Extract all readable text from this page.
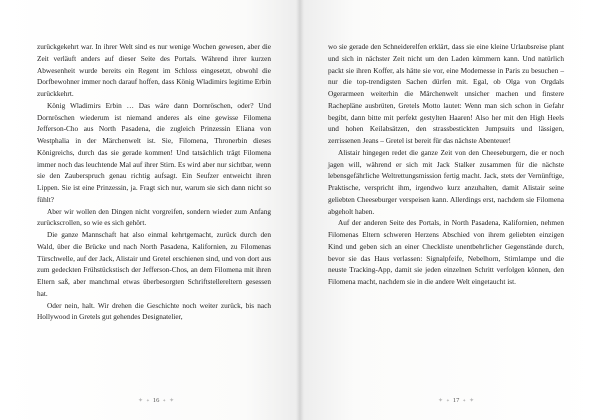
zurückgekehrt war. In ihrer Welt sind es nur wenige Wochen gewesen, aber die Zeit verläuft anders auf dieser Seite des Portals. Während ihrer kurzen Abwesenheit wurde bereits ein Regent im Schloss eingesetzt, obwohl die Dorfbewohner immer noch darauf hoffen, dass König Wladimirs legitime Erbin zurückkehrt.

König Wladimirs Erbin … Das wäre dann Dornröschen, oder? Und Dornröschen wiederum ist niemand anderes als eine gewisse Filomena Jefferson-Cho aus North Pasadena, die zugleich Prinzessin Eliana von Westphalia in der Märchenwelt ist. Sie, Filomena, Thronerbin dieses Königreichs, durch das sie gerade kommen! Und tatsächlich trägt Filomena immer noch das leuchtende Mal auf ihrer Stirn. Es wird aber nur sichtbar, wenn sie den Zauberspruch genau richtig aufsagt. Ein Seufzer entweicht ihren Lippen. Sie ist eine Prinzessin, ja. Fragt sich nur, warum sie sich dann nicht so fühlt?

Aber wir wollen den Dingen nicht vorgreifen, sondern wieder zum Anfang zurückscrollen, so wie es sich gehört.

Die ganze Mannschaft hat also einmal kehrtgemacht, zurück durch den Wald, über die Brücke und nach North Pasadena, Kalifornien, zu Filomenas Türschwelle, auf der Jack, Alistair und Gretel erschienen sind, und von dort aus zum gedeckten Frühstückstisch der Jefferson-Chos, an dem Filomena mit ihren Eltern saß, aber manchmal etwas überbesorgten Schriftstellereltern gesessen hat.

Oder nein, halt. Wir drehen die Geschichte noch weiter zurück, bis nach Hollywood in Gretels gut gehendes Designatelier,

✦ ✦ 16 ✦ ✦

wo sie gerade den Schneiderelfen erklärt, dass sie eine kleine Urlaubsreise plant und sich in nächster Zeit nicht um den Laden kümmern kann. Und natürlich packt sie ihren Koffer, als hätte sie vor, eine Modemesse in Paris zu besuchen – nur die top-trendigsten Sachen dürfen mit. Egal, ob Olga von Orgdals Ogerarmeen weiterhin die Märchenwelt unsicher machen und finstere Rachepläne ausbrüten, Gretels Motto lautet: Wenn man sich schon in Gefahr begibt, dann bitte mit perfekt gestylten Haaren! Also her mit den High Heels und hohen Keilabsätzen, den strassbestickten Jumpsuits und lässigen, zerrissenen Jeans – Gretel ist bereit für das nächste Abenteuer!

Alistair hingegen redet die ganze Zeit von den Cheeseburgern, die er noch jagen will, während er sich mit Jack Stalker zusammen für die nächste lebensgefährliche Weltrettungsmission fertig macht. Jack, stets der Vernünftige, Praktische, verspricht ihm, irgendwo kurz anzuhalten, damit Alistair seine geliebten Cheeseburger verspeisen kann. Allerdings erst, nachdem sie Filomena abgeholt haben.

Auf der anderen Seite des Portals, in North Pasadena, Kalifornien, nehmen Filomenas Eltern schweren Herzens Abschied von ihrem geliebten einzigen Kind und geben sich an einer Checkliste unentbehrlicher Gegenstände durch, bevor sie das Haus verlassen: Signalpfeife, Nebelhorn, Stirnlampe und die neuste Tracking-App, damit sie jeden einzelnen Schritt verfolgen können, den Filomena macht, nachdem sie in die andere Welt eingetaucht ist.

✦ ✦ 17 ✦ ✦
